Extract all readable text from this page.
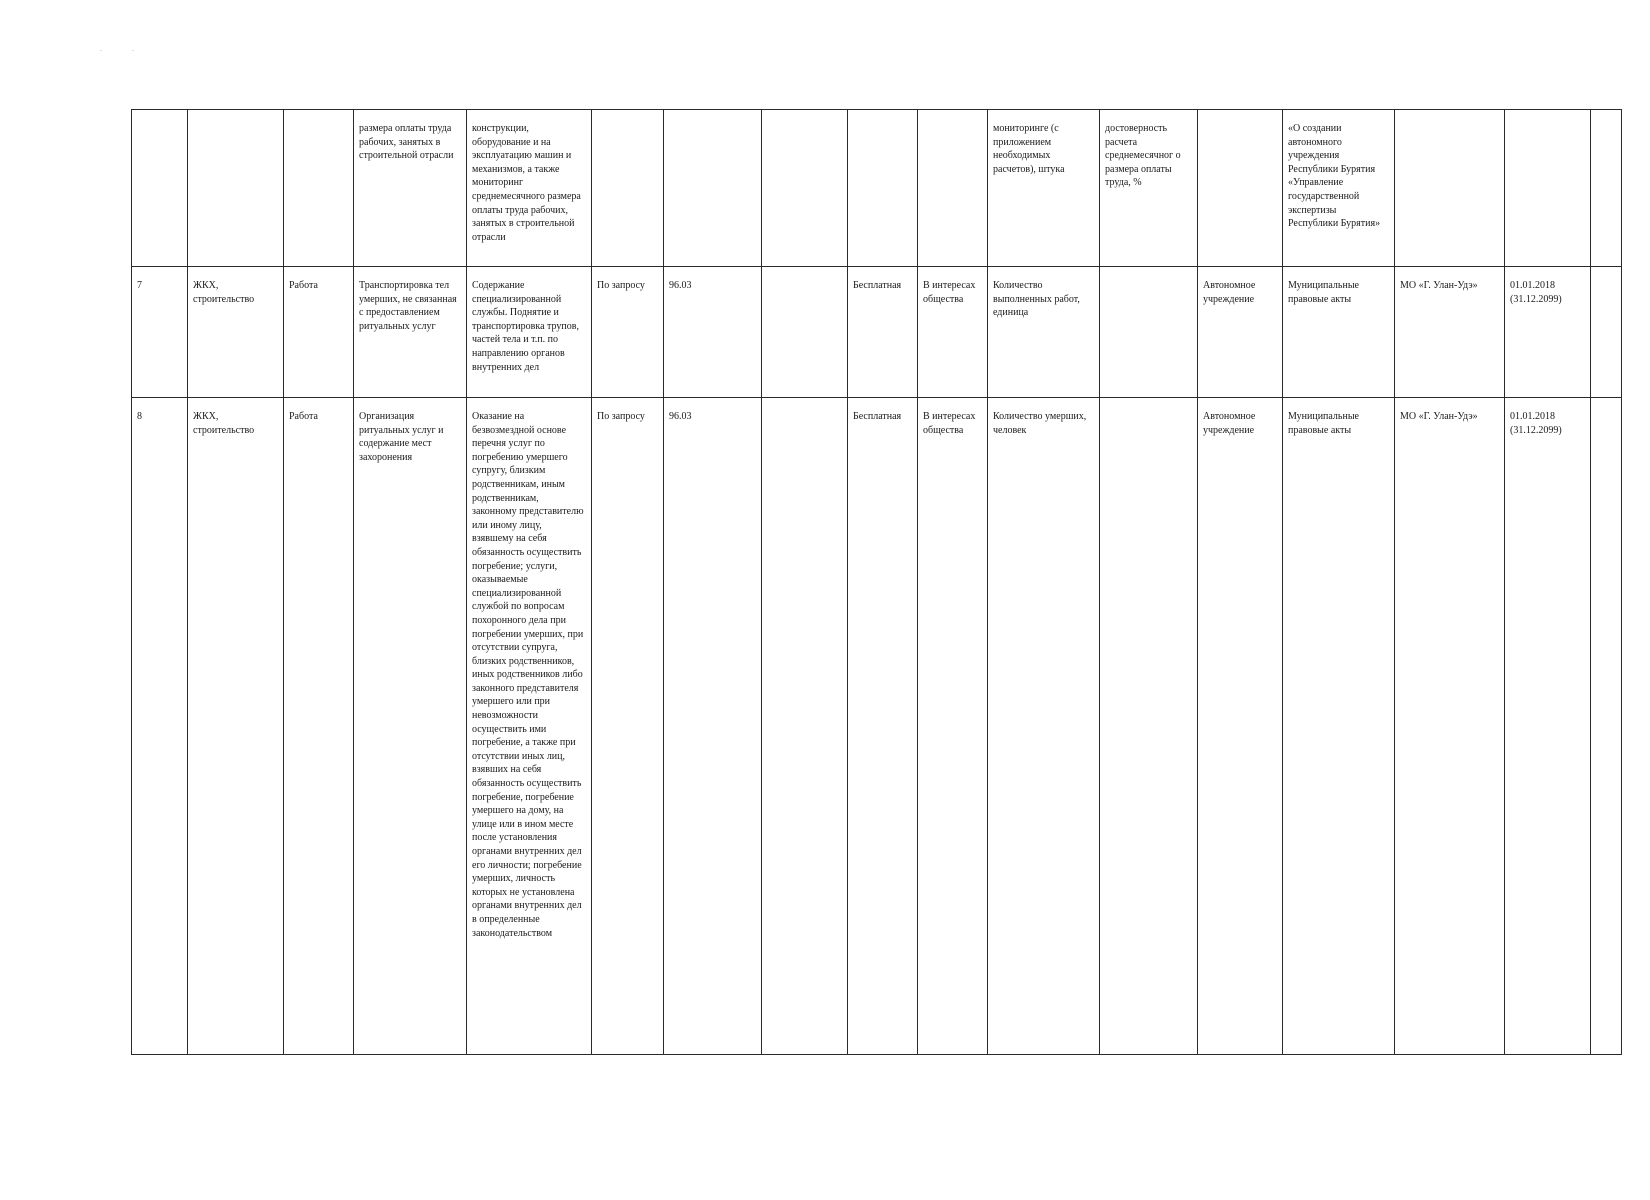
. .
			размера оплаты труда рабочих, занятых в строительной отрасли	конструкции, оборудование и на эксплуатацию машин и механизмов, а также мониторинг среднемесячного размера оплаты труда рабочих, занятых в строительной отрасли						мониторинге (с приложением необходимых расчетов), штука	достоверность расчета среднемесячног о размера оплаты труда, %		«О создании автономного учреждения Республики Бурятия «Управление государственной экспертизы Республики Бурятия»			
7	ЖКХ, строительство	Работа	Транспортировка тел умерших, не связанная с предоставлением ритуальных услуг	Содержание специализированной службы. Поднятие и транспортировка трупов, частей тела и т.п. по направлению органов внутренних дел	По запросу	96.03		Бесплатная	В интересах общества	Количество выполненных работ, единица		Автономное учреждение	Муниципальные правовые акты	МО «Г. Улан-Удэ»	01.01.2018 (31.12.2099)	
8	ЖКХ, строительство	Работа	Организация ритуальных услуг и содержание мест захоронения	Оказание на безвозмездной основе перечня услуг по погребению умершего супругу, близким родственникам, иным родственникам, законному представителю или иному лицу, взявшему на себя обязанность осуществить погребение; услуги, оказываемые специализированной службой по вопросам похоронного дела при погребении умерших, при отсутствии супруга, близких родственников, иных родственников либо законного представителя умершего или при невозможности осуществить ими погребение, а также при отсутствии иных лиц, взявших на себя обязанность осуществить погребение, погребение умершего на дому, на улице или в ином месте после установления органами внутренних дел его личности; погребение умерших, личность которых не установлена органами внутренних дел в определенные законодательством	По запросу	96.03		Бесплатная	В интересах общества	Количество умерших, человек		Автономное учреждение	Муниципальные правовые акты	МО «Г. Улан-Удэ»	01.01.2018 (31.12.2099)	
